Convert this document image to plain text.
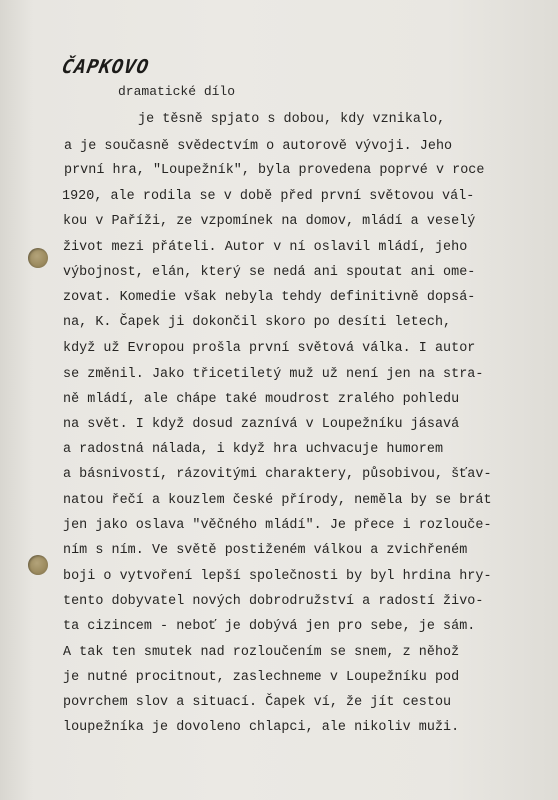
ČAPKOVO
dramatické dílo
je těsně spjato s dobou, kdy vznikalo,
a je současně svědectvím o autorově vývoji. Jeho
první hra, "Loupežník", byla provedena poprvé v roce
1920, ale rodila se v době před první světovou vál-
kou v Paříži, ze vzpomínek na domov, mládí a veselý
život mezi přáteli. Autor v ní oslavil mládí, jeho
výbojnost, elán, který se nedá ani spoutat ani ome-
zovat. Komedie však nebyla tehdy definitivně dopsá-
na, K. Čapek ji dokončil skoro po desíti letech,
když už Evropou prošla první světová válka. I autor
se změnil. Jako třicetiletý muž už není jen na stra-
ně mládí, ale chápe také moudrost zralého pohledu
na svět. I když dosud zaznívá v Loupežníku jásavá
a radostná nálada, i když hra uchvacuje humorem
a básnivostí, rázovitými charaktery, působivou, šťav-
natou řečí a kouzlem české přírody, neměla by se brát
jen jako oslava "věčného mládí". Je přece i rozlouče-
ním s ním. Ve světě postiženém válkou a zvichřeném
boji o vytvoření lepší společnosti by byl hrdina hry-
tento dobyvatel nových dobrodružství a radostí živo-
ta cizincem - neboť je dobývá jen pro sebe, je sám.
A tak ten smutek nad rozloučením se snem, z něhož
je nutné procitnout, zaslechneme v Loupežníku pod
povrchem slov a situací. Čapek ví, že jít cestou
loupežníka je dovoleno chlapci, ale nikoliv muži.
